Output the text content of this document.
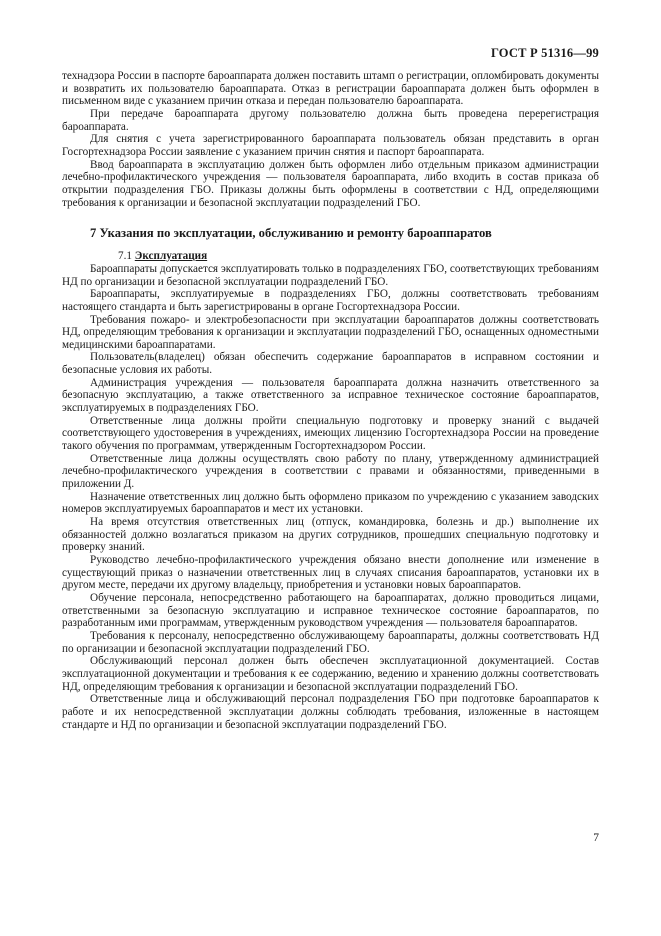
ГОСТ Р 51316—99

технадзора России в паспорте бароаппарата должен поставить штамп о регистрации, опломбировать документы и возвратить их пользователю бароаппарата. Отказ в регистрации бароаппарата должен быть оформлен в письменном виде с указанием причин отказа и передан пользователю бароаппарата.

При передаче бароаппарата другому пользователю должна быть проведена перерегистрация бароаппарата.

Для снятия с учета зарегистрированного бароаппарата пользователь обязан представить в орган Госгортехнадзора России заявление с указанием причин снятия и паспорт бароаппарата.

Ввод бароаппарата в эксплуатацию должен быть оформлен либо отдельным приказом администрации лечебно-профилактического учреждения — пользователя бароаппарата, либо входить в состав приказа об открытии подразделения ГБО. Приказы должны быть оформлены в соответствии с НД, определяющими требования к организации и безопасной эксплуатации подразделений ГБО.

7 Указания по эксплуатации, обслуживанию и ремонту бароаппаратов

7.1 Эксплуатация

Бароаппараты допускается эксплуатировать только в подразделениях ГБО, соответствующих требованиям НД по организации и безопасной эксплуатации подразделений ГБО.

Бароаппараты, эксплуатируемые в подразделениях ГБО, должны соответствовать требованиям настоящего стандарта и быть зарегистрированы в органе Госгортехнадзора России.

Требования пожаро- и электробезопасности при эксплуатации бароаппаратов должны соответствовать НД, определяющим требования к организации и эксплуатации подразделений ГБО, оснащенных одноместными медицинскими бароаппаратами.

Пользователь(владелец) обязан обеспечить содержание бароаппаратов в исправном состоянии и безопасные условия их работы.

Администрация учреждения — пользователя бароаппарата должна назначить ответственного за безопасную эксплуатацию, а также ответственного за исправное техническое состояние бароаппаратов, эксплуатируемых в подразделениях ГБО.

Ответственные лица должны пройти специальную подготовку и проверку знаний с выдачей соответствующего удостоверения в учреждениях, имеющих лицензию Госгортехнадзора России на проведение такого обучения по программам, утвержденным Госгортехнадзором России.

Ответственные лица должны осуществлять свою работу по плану, утвержденному администрацией лечебно-профилактического учреждения в соответствии с правами и обязанностями, приведенными в приложении Д.

Назначение ответственных лиц должно быть оформлено приказом по учреждению с указанием заводских номеров эксплуатируемых бароаппаратов и мест их установки.

На время отсутствия ответственных лиц (отпуск, командировка, болезнь и др.) выполнение их обязанностей должно возлагаться приказом на других сотрудников, прошедших специальную подготовку и проверку знаний.

Руководство лечебно-профилактического учреждения обязано внести дополнение или изменение в существующий приказ о назначении ответственных лиц в случаях списания бароаппаратов, установки их в другом месте, передачи их другому владельцу, приобретения и установки новых бароаппаратов.

Обучение персонала, непосредственно работающего на бароаппаратах, должно проводиться лицами, ответственными за безопасную эксплуатацию и исправное техническое состояние бароаппаратов, по разработанным ими программам, утвержденным руководством учреждения — пользователя бароаппаратов.

Требования к персоналу, непосредственно обслуживающему бароаппараты, должны соответствовать НД по организации и безопасной эксплуатации подразделений ГБО.

Обслуживающий персонал должен быть обеспечен эксплуатационной документацией. Состав эксплуатационной документации и требования к ее содержанию, ведению и хранению должны соответствовать НД, определяющим требования к организации и безопасной эксплуатации подразделений ГБО.

Ответственные лица и обслуживающий персонал подразделения ГБО при подготовке бароаппаратов к работе и их непосредственной эксплуатации должны соблюдать требования, изложенные в настоящем стандарте и НД по организации и безопасной эксплуатации подразделений ГБО.

7
